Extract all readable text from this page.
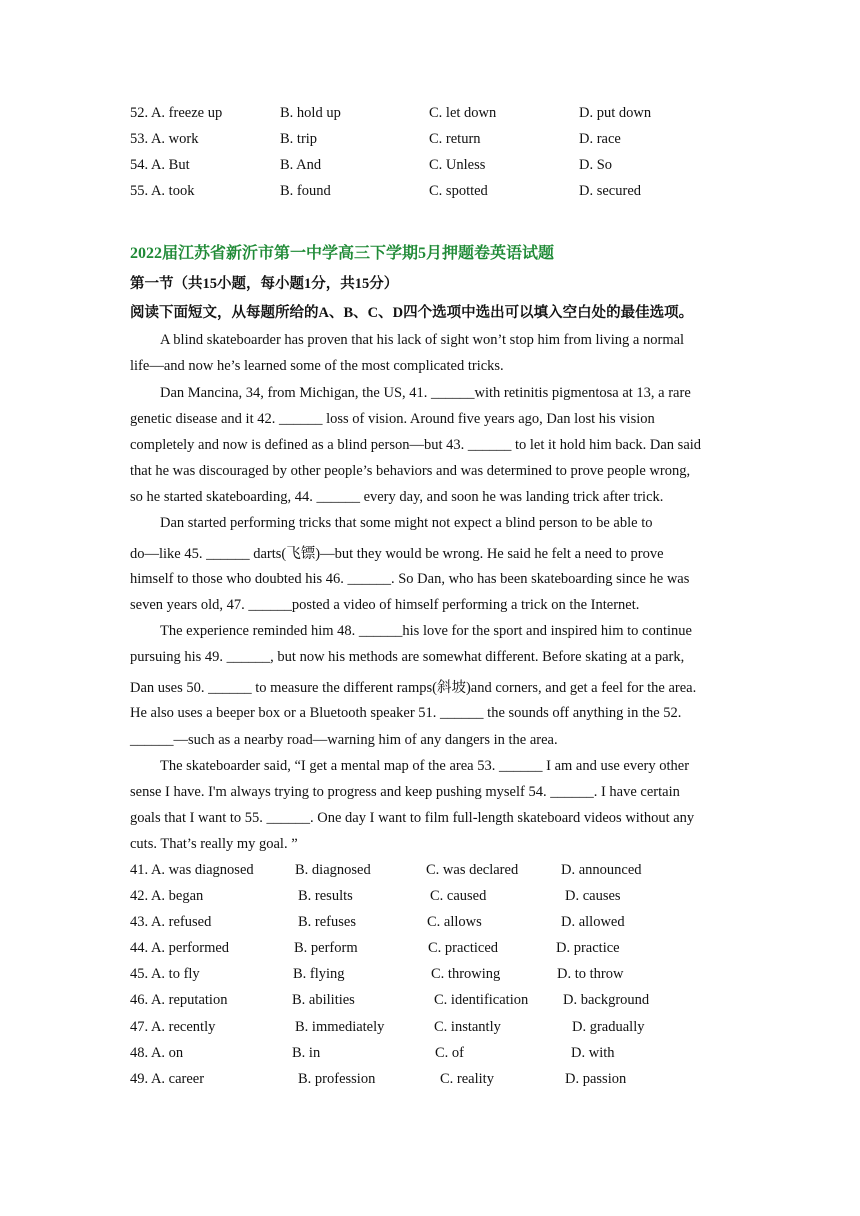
52. A. freeze up	B. hold up	C. let down	D. put down
53. A. work	B. trip	C. return	D. race
54. A. But	B. And	C. Unless	D. So
55. A. took	B. found	C. spotted	D. secured
2022届江苏省新沂市第一中学高三下学期5月押题卷英语试题
第一节（共15小题，每小题1分，共15分）
阅读下面短文，从每题所给的A、B、C、D四个选项中选出可以填入空白处的最佳选项。
A blind skateboarder has proven that his lack of sight won’t stop him from living a normal
life—and now he’s learned some of the most complicated tricks.
Dan Mancina, 34, from Michigan, the US, 41. ______with retinitis pigmentosa at 13, a rare
genetic disease and it 42. ______ loss of vision. Around five years ago, Dan lost his vision
completely and now is defined as a blind person—but 43. ______ to let it hold him back. Dan said
that he was discouraged by other people’s behaviors and was determined to prove people wrong,
so he started skateboarding, 44. ______ every day, and soon he was landing trick after trick.
Dan started performing tricks that some might not expect a blind person to be able to
do—like 45. ______ darts(飞镖)—but they would be wrong. He said he felt a need to prove
himself to those who doubted his 46. ______. So Dan, who has been skateboarding since he was
seven years old, 47. ______posted a video of himself performing a trick on the Internet.
The experience reminded him 48. ______his love for the sport and inspired him to continue
pursuing his 49. ______, but now his methods are somewhat different. Before skating at a park,
Dan uses 50. ______ to measure the different ramps(斜坡)and corners, and get a feel for the area.
He also uses a beeper box or a Bluetooth speaker 51. ______ the sounds off anything in the 52.
______—such as a nearby road—warning him of any dangers in the area.
The skateboarder said, “I get a mental map of the area 53. ______ I am and use every other
sense I have. I'm always trying to progress and keep pushing myself 54. ______. I have certain
goals that I want to 55. ______. One day I want to film full-length skateboard videos without any
cuts. That’s really my goal. ”
41. A. was diagnosed	B. diagnosed	C. was declared	D. announced
42. A. began	B. results	C. caused	D. causes
43. A. refused	B. refuses	C. allows	D. allowed
44. A. performed	B. perform	C. practiced	D. practice
45. A. to fly	B. flying	C. throwing	D. to throw
46. A. reputation	B. abilities	C. identification D. background
47. A. recently	B. immediately	C. instantly	D. gradually
48. A. on	B. in	C. of	D. with
49. A. career	B. profession	C. reality	D. passion
